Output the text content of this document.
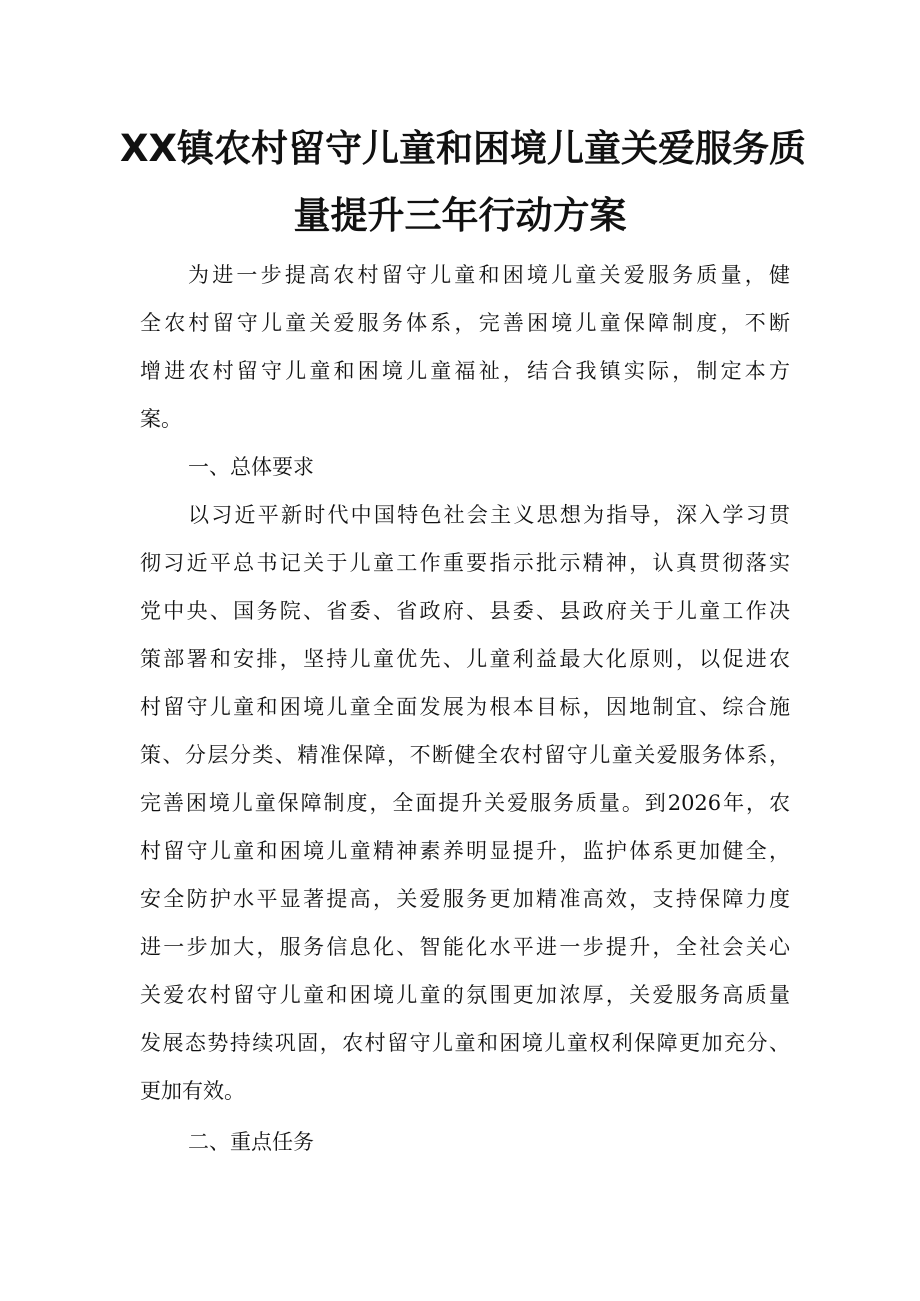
XX镇农村留守儿童和困境儿童关爱服务质
量提升三年行动方案
为进一步提高农村留守儿童和困境儿童关爱服务质量，健
全农村留守儿童关爱服务体系，完善困境儿童保障制度，不断
增进农村留守儿童和困境儿童福祉，结合我镇实际，制定本方
案。
一、总体要求
以习近平新时代中国特色社会主义思想为指导，深入学习贯
彻习近平总书记关于儿童工作重要指示批示精神，认真贯彻落实
党中央、国务院、省委、省政府、县委、县政府关于儿童工作决
策部署和安排，坚持儿童优先、儿童利益最大化原则，以促进农
村留守儿童和困境儿童全面发展为根本目标，因地制宜、综合施
策、分层分类、精准保障，不断健全农村留守儿童关爱服务体系，
完善困境儿童保障制度，全面提升关爱服务质量。到2026年，农
村留守儿童和困境儿童精神素养明显提升，监护体系更加健全，
安全防护水平显著提高，关爱服务更加精准高效，支持保障力度
进一步加大，服务信息化、智能化水平进一步提升，全社会关心
关爱农村留守儿童和困境儿童的氛围更加浓厚，关爱服务高质量
发展态势持续巩固，农村留守儿童和困境儿童权利保障更加充分、
更加有效。
二、重点任务
